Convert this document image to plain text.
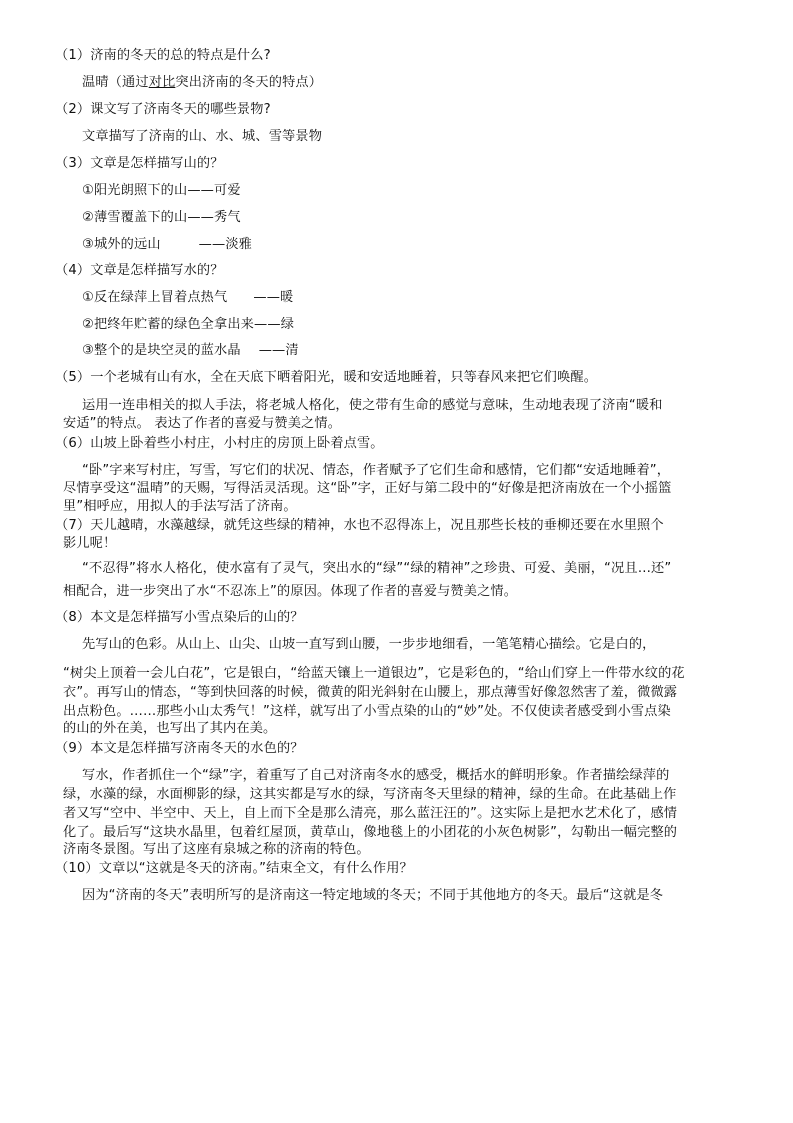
（1）济南的冬天的总的特点是什么?
温晴（通过对比突出济南的冬天的特点）
（2）课文写了济南冬天的哪些景物?
文章描写了济南的山、水、城、雪等景物
（3）文章是怎样描写山的？
①阳光朗照下的山——可爱
②薄雪覆盖下的山——秀气
③城外的远山	——淡雅
（4）文章是怎样描写水的？
①反在绿萍上冒着点热气 ——暖
②把终年贮蓄的绿色全拿出来——绿
③整个的是块空灵的蓝水晶 ——清
（5）一个老城有山有水，全在天底下晒着阳光，暖和安适地睡着，只等春风来把它们唤醒。
运用一连串相关的拟人手法，将老城人格化，使之带有生命的感觉与意味，生动地表现了济南“暖和
安适”的特点。 表达了作者的喜爱与赞美之情。
（6）山坡上卧着些小村庄，小村庄的房顶上卧着点雪。
“卧”字来写村庄，写雪，写它们的状况、情态，作者赋予了它们生命和感情，它们都“安适地睡着”，
尽情享受这“温晴”的天赐，写得活灵活现。这“卧”字，正好与第二段中的“好像是把济南放在一个小摇篮
里”相呼应，用拟人的手法写活了济南。
（7）天儿越晴，水藻越绿，就凭这些绿的精神，水也不忍得冻上，况且那些长枝的垂柳还要在水里照个
影儿呢！
“不忍得”将水人格化，使水富有了灵气，突出水的“绿”“绿的精神”之珍贵、可爱、美丽，“况且…还”
相配合，进一步突出了水“不忍冻上”的原因。体现了作者的喜爱与赞美之情。
（8）本文是怎样描写小雪点染后的山的？
先写山的色彩。从山上、山尖、山坡一直写到山腰，一步步地细看，一笔笔精心描绘。它是白的，
“树尖上顶着一会儿白花”，它是银白，“给蓝天镶上一道银边”，它是彩色的，“给山们穿上一件带水纹的花
衣”。再写山的情态，“等到快回落的时候，微黄的阳光斜射在山腰上，那点薄雪好像忽然害了羞，微微露
出点粉色。……那些小山太秀气！”这样，就写出了小雪点染的山的“妙”处。不仅使读者感受到小雪点染
的山的外在美，也写出了其内在美。
（9）本文是怎样描写济南冬天的水色的？
写水，作者抓住一个“绿”字，着重写了自己对济南冬水的感受，概括水的鲜明形象。作者描绘绿萍的
绿，水藻的绿，水面柳影的绿，这其实都是写水的绿，写济南冬天里绿的精神，绿的生命。在此基础上作
者又写“空中、半空中、天上，自上而下全是那么清亮，那么蓝汪汪的”。这实际上是把水艺术化了，感情
化了。最后写“这块水晶里，包着红屋顶，黄草山，像地毯上的小团花的小灰色树影”，勾勒出一幅完整的
济南冬景图。写出了这座有泉城之称的济南的特色。
（10）文章以“这就是冬天的济南。”结束全文，有什么作用？
因为“济南的冬天”表明所写的是济南这一特定地域的冬天；不同于其他地方的冬天。最后“这就是冬
